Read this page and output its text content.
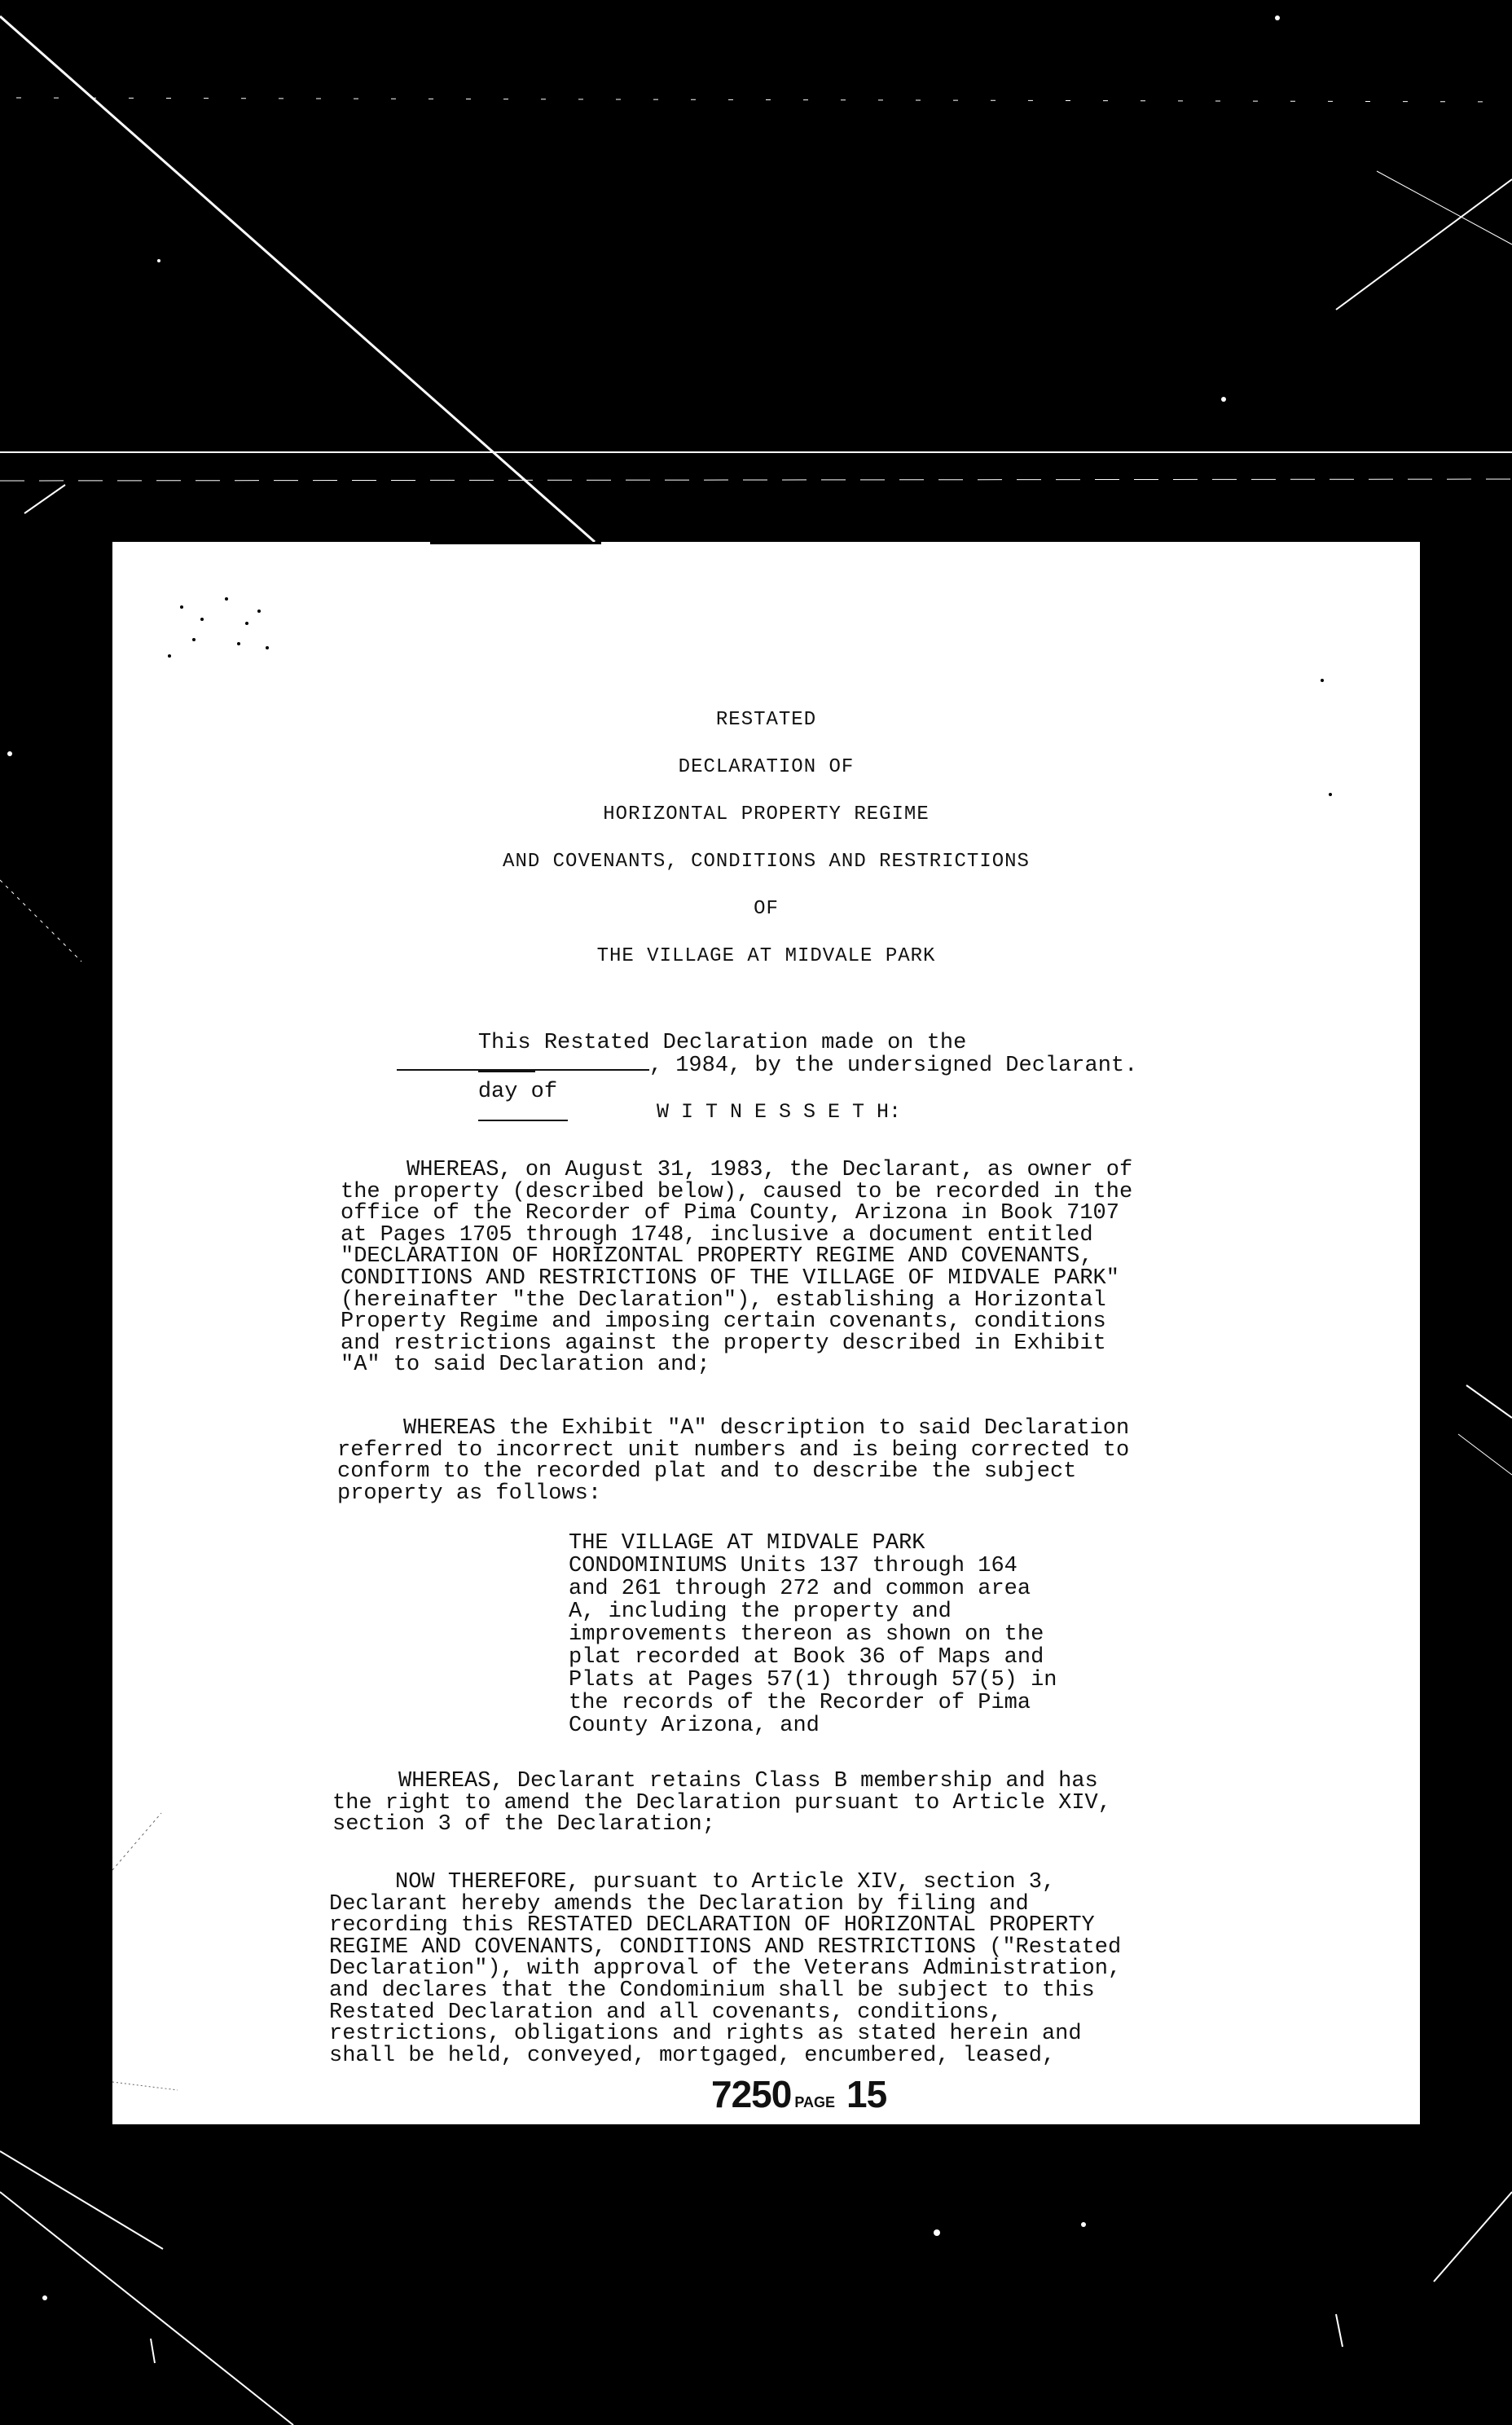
RESTATED
DECLARATION OF
HORIZONTAL PROPERTY REGIME
AND COVENANTS, CONDITIONS AND RESTRICTIONS
OF
THE VILLAGE AT MIDVALE PARK

This Restated Declaration made on the

day of

, 1984, by the undersigned Declarant.

W I T N E S S E T H:
WHEREAS, on August 31, 1983, the Declarant, as owner of
the property (described below), caused to be recorded in the
office of the Recorder of Pima County, Arizona in Book 7107
at Pages 1705 through 1748, inclusive a document entitled
"DECLARATION OF HORIZONTAL PROPERTY REGIME AND COVENANTS,
CONDITIONS AND RESTRICTIONS OF THE VILLAGE OF MIDVALE PARK"
(hereinafter "the Declaration"), establishing a Horizontal
Property Regime and imposing certain covenants, conditions
and restrictions against the property described in Exhibit
"A" to said Declaration and;
WHEREAS the Exhibit "A" description to said Declaration
referred to incorrect unit numbers and is being corrected to
conform to the recorded plat and to describe the subject
property as follows:
THE VILLAGE AT MIDVALE PARK
CONDOMINIUMS Units 137 through 164
and 261 through 272 and common area
A, including the property and
improvements thereon as shown on the
plat recorded at Book 36 of Maps and
Plats at Pages 57(1) through 57(5) in
the records of the Recorder of Pima
County Arizona, and
WHEREAS, Declarant retains Class B membership and has
the right to amend the Declaration pursuant to Article XIV,
section 3 of the Declaration;
NOW THEREFORE, pursuant to Article XIV, section 3,
Declarant hereby amends the Declaration by filing and
recording this RESTATED DECLARATION OF HORIZONTAL PROPERTY
REGIME AND COVENANTS, CONDITIONS AND RESTRICTIONS ("Restated
Declaration"), with approval of the Veterans Administration,
and declares that the Condominium shall be subject to this
Restated Declaration and all covenants, conditions,
restrictions, obligations and rights as stated herein and
shall be held, conveyed, mortgaged, encumbered, leased,
7250 PAGE 15
7229 1628
